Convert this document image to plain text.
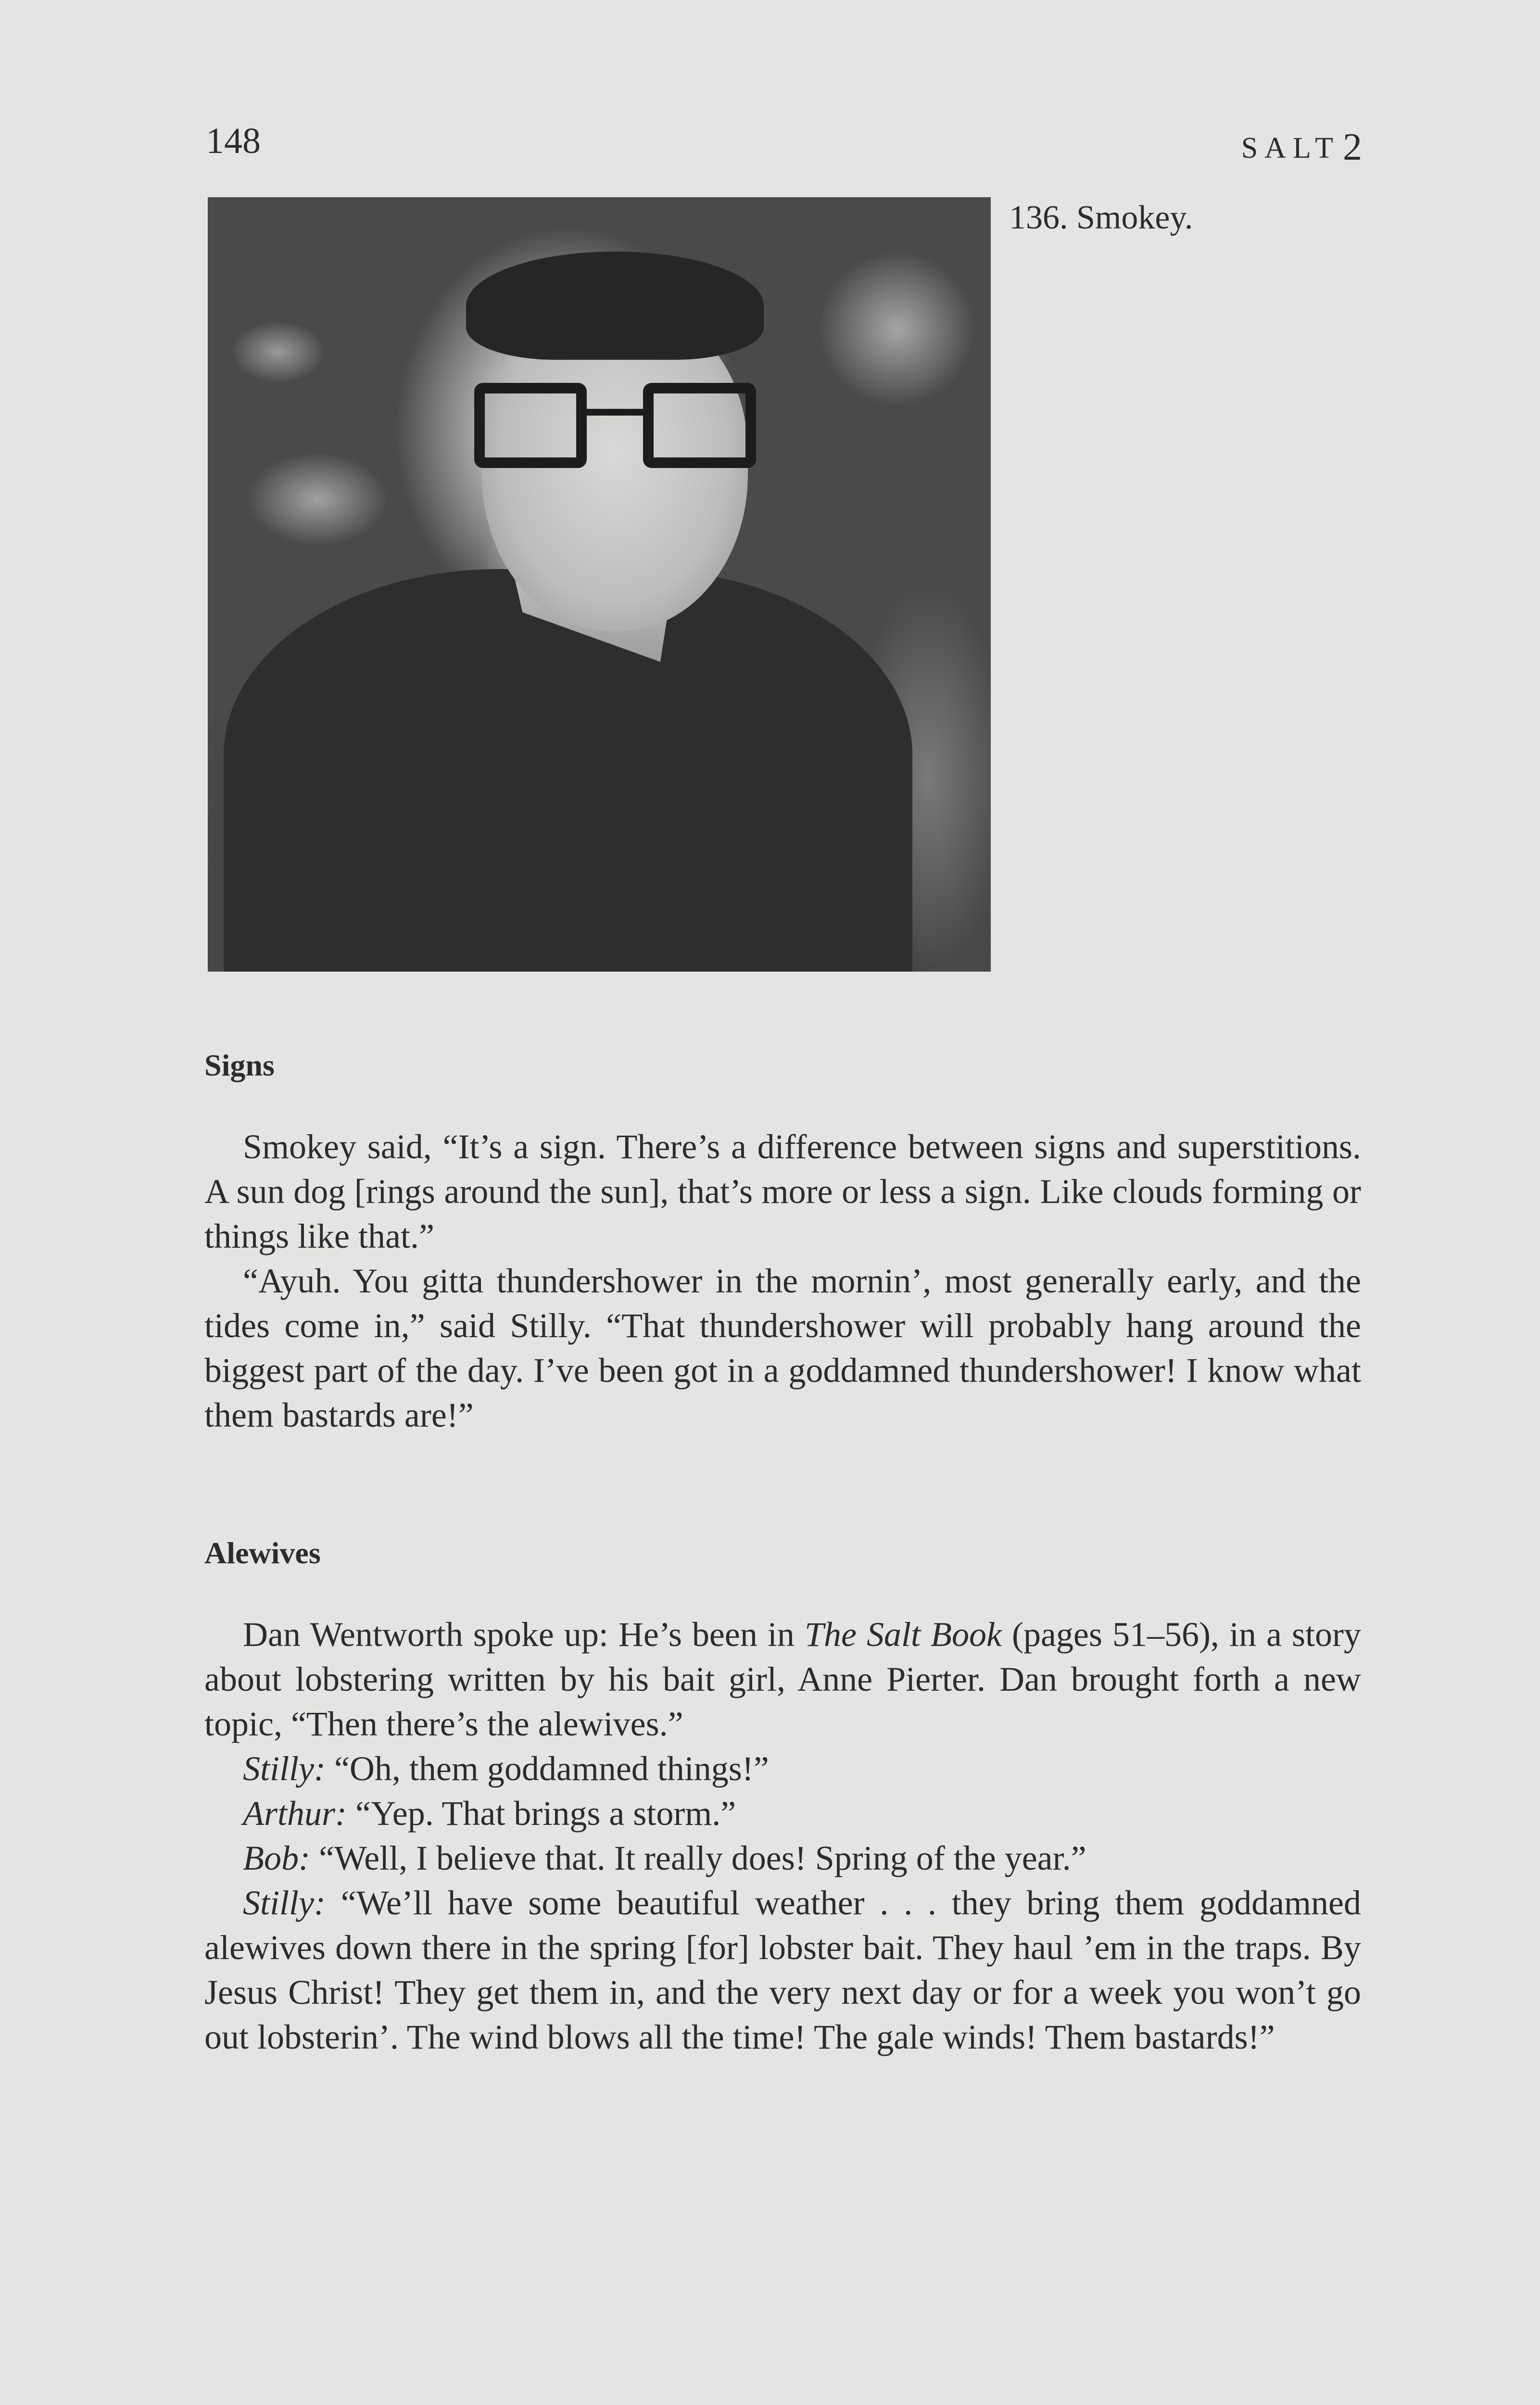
148	SALT2
136. Smokey.
Signs

Smokey said, “It’s a sign. There’s a difference between signs and superstitions. A sun dog [rings around the sun], that’s more or less a sign. Like clouds forming or things like that.”

“Ayuh. You gitta thundershower in the mornin’, most generally early, and the tides come in,” said Stilly. “That thundershower will probably hang around the biggest part of the day. I’ve been got in a goddamned thundershower! I know what them bastards are!”

Alewives

Dan Wentworth spoke up: He’s been in The Salt Book (pages 51–56), in a story about lobstering written by his bait girl, Anne Pierter. Dan brought forth a new topic, “Then there’s the alewives.”

Stilly: “Oh, them goddamned things!”

Arthur: “Yep. That brings a storm.”

Bob: “Well, I believe that. It really does! Spring of the year.”

Stilly: “We’ll have some beautiful weather . . . they bring them goddamned alewives down there in the spring [for] lobster bait. They haul ’em in the traps. By Jesus Christ! They get them in, and the very next day or for a week you won’t go out lobsterin’. The wind blows all the time! The gale winds! Them bastards!”
